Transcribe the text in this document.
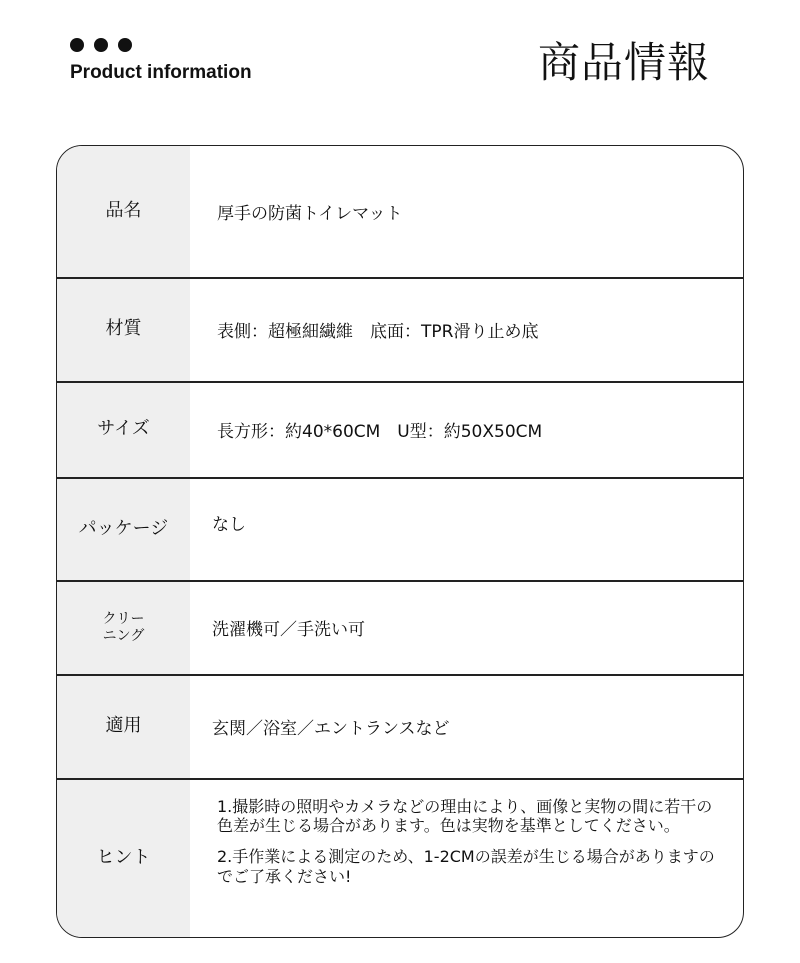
Product information	商品情報
品名	厚手の防菌トイレマット
材質	表側：超極細繊維　底面：TPR滑り止め底
サイズ	長方形：約40*60CM　U型：約50X50CM
パッケージ	なし
クリー
ニング	洗濯機可／手洗い可
適用	玄関／浴室／エントランスなど
ヒント

1.撮影時の照明やカメラなどの理由により、画像と実物の間に若干の色差が生じる場合があります。色は実物を基準としてください。

2.手作業による測定のため、1-2CMの誤差が生じる場合がありますのでご了承ください!
